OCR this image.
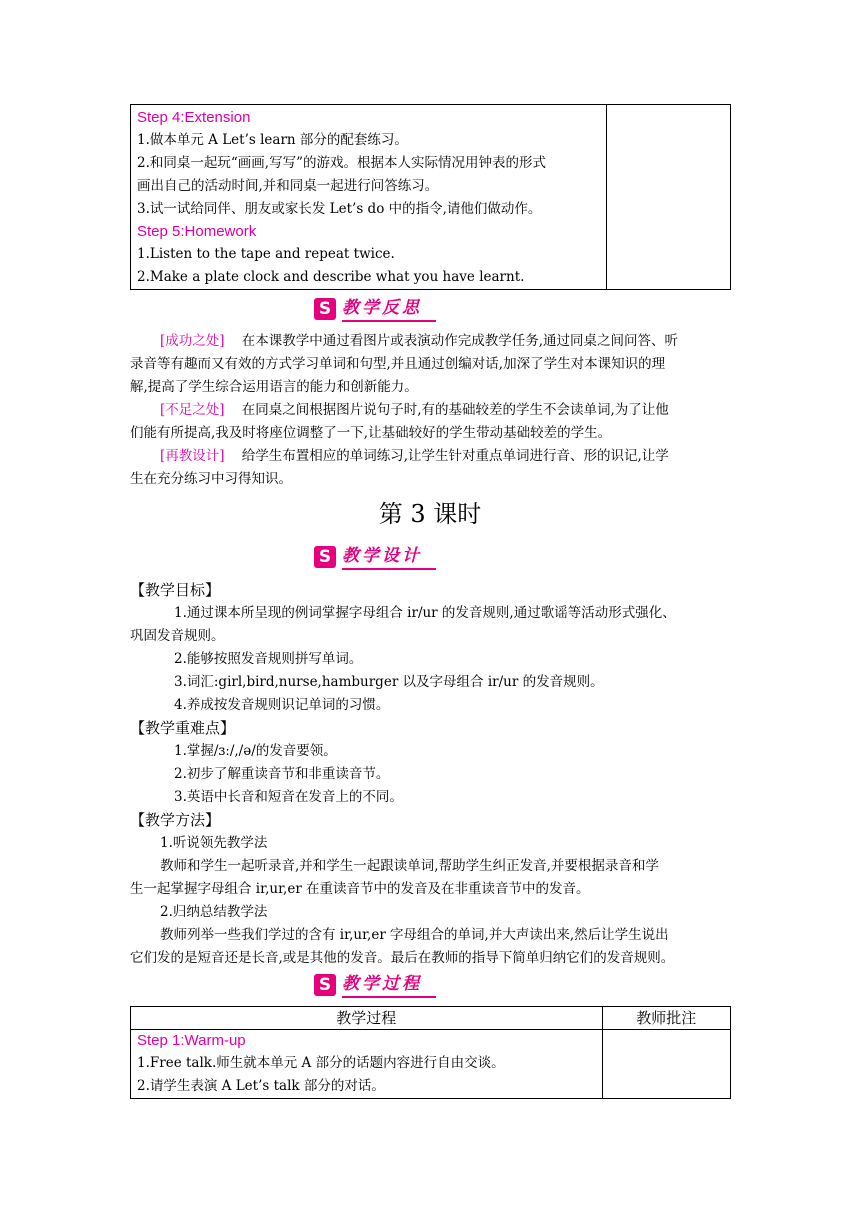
Step 4:Extension
1.做本单元 A Let’s learn 部分的配套练习。
2.和同桌一起玩“画画,写写”的游戏。根据本人实际情况用钟表的形式
画出自己的活动时间,并和同桌一起进行问答练习。
3.试一试给同伴、朋友或家长发 Let’s do 中的指令,请他们做动作。
Step 5:Homework
1.Listen to the tape and repeat twice.
2.Make a plate clock and describe what you have learnt.

S 教学反思
[成功之处] 在本课教学中通过看图片或表演动作完成教学任务,通过同桌之间问答、听
录音等有趣而又有效的方式学习单词和句型,并且通过创编对话,加深了学生对本课知识的理
解,提高了学生综合运用语言的能力和创新能力。
[不足之处] 在同桌之间根据图片说句子时,有的基础较差的学生不会读单词,为了让他
们能有所提高,我及时将座位调整了一下,让基础较好的学生带动基础较差的学生。
[再教设计] 给学生布置相应的单词练习,让学生针对重点单词进行音、形的识记,让学
生在充分练习中习得知识。
第 3 课时
S 教学设计
【教学目标】
1.通过课本所呈现的例词掌握字母组合 ir/ur 的发音规则,通过歌谣等活动形式强化、
巩固发音规则。
2.能够按照发音规则拼写单词。
3.词汇:girl,bird,nurse,hamburger 以及字母组合 ir/ur 的发音规则。
4.养成按发音规则识记单词的习惯。
【教学重难点】
1.掌握/ɜː/,/ə/的发音要领。
2.初步了解重读音节和非重读音节。
3.英语中长音和短音在发音上的不同。
【教学方法】
1.听说领先教学法
教师和学生一起听录音,并和学生一起跟读单词,帮助学生纠正发音,并要根据录音和学
生一起掌握字母组合 ir,ur,er 在重读音节中的发音及在非重读音节中的发音。
2.归纳总结教学法
教师列举一些我们学过的含有 ir,ur,er 字母组合的单词,并大声读出来,然后让学生说出
它们发的是短音还是长音,或是其他的发音。最后在教师的指导下简单归纳它们的发音规则。
S 教学过程
教学过程	教师批注

Step 1:Warm-up
1.Free talk.师生就本单元 A 部分的话题内容进行自由交谈。
2.请学生表演 A Let’s talk 部分的对话。	
